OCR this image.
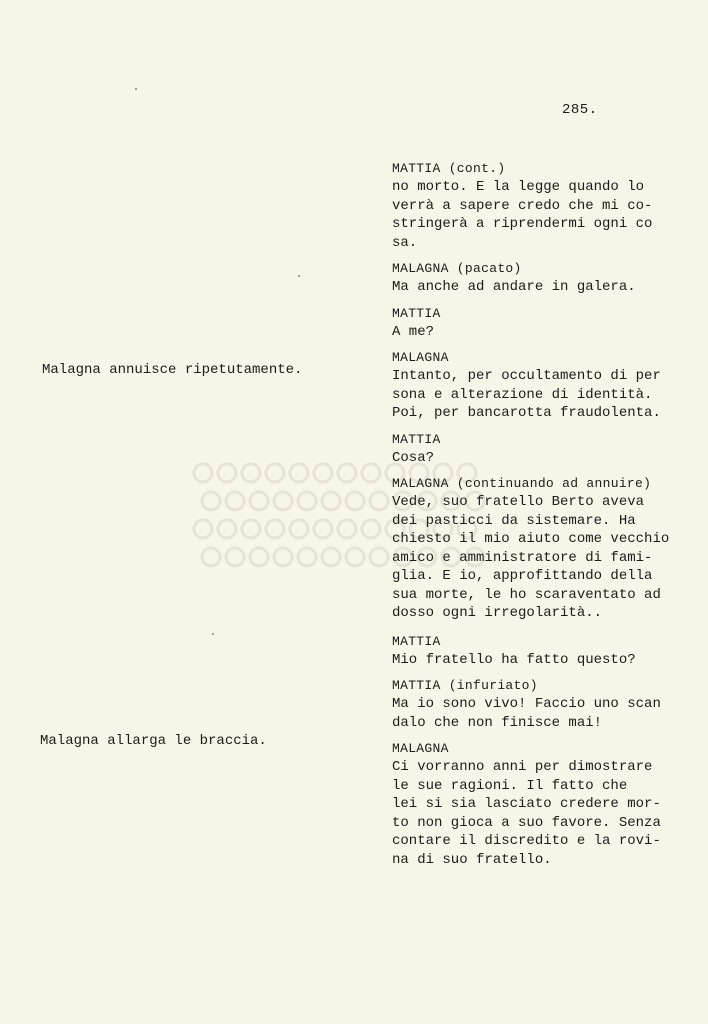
285.
Malagna annuisce ripetutamente.
Malagna allarga le braccia.
MATTIA (cont.)
no morto. E la legge quando lo
verrà a sapere credo che mi co-
stringerà a riprendermi ogni co
sa.
MALAGNA (pacato)
Ma anche ad andare in galera.
MATTIA
A me?
MALAGNA
Intanto, per occultamento di per
sona e alterazione di identità.
Poi, per bancarotta fraudolenta.
MATTIA
Cosa?
MALAGNA (continuando ad annuire)
Vede, suo fratello Berto aveva
dei pasticci da sistemare. Ha
chiesto il mio aiuto come vecchio
amico e amministratore di fami-
glia. E io, approfittando della
sua morte, le ho scaraventato ad
dosso ogni irregolarità..
MATTIA
Mio fratello ha fatto questo?
MATTIA (infuriato)
Ma io sono vivo! Faccio uno scan
dalo che non finisce mai!
MALAGNA
Ci vorranno anni per dimostrare
le sue ragioni. Il fatto che
lei si sia lasciato credere mor-
to non gioca a suo favore. Senza
contare il discredito e la rovi-
na di suo fratello.
